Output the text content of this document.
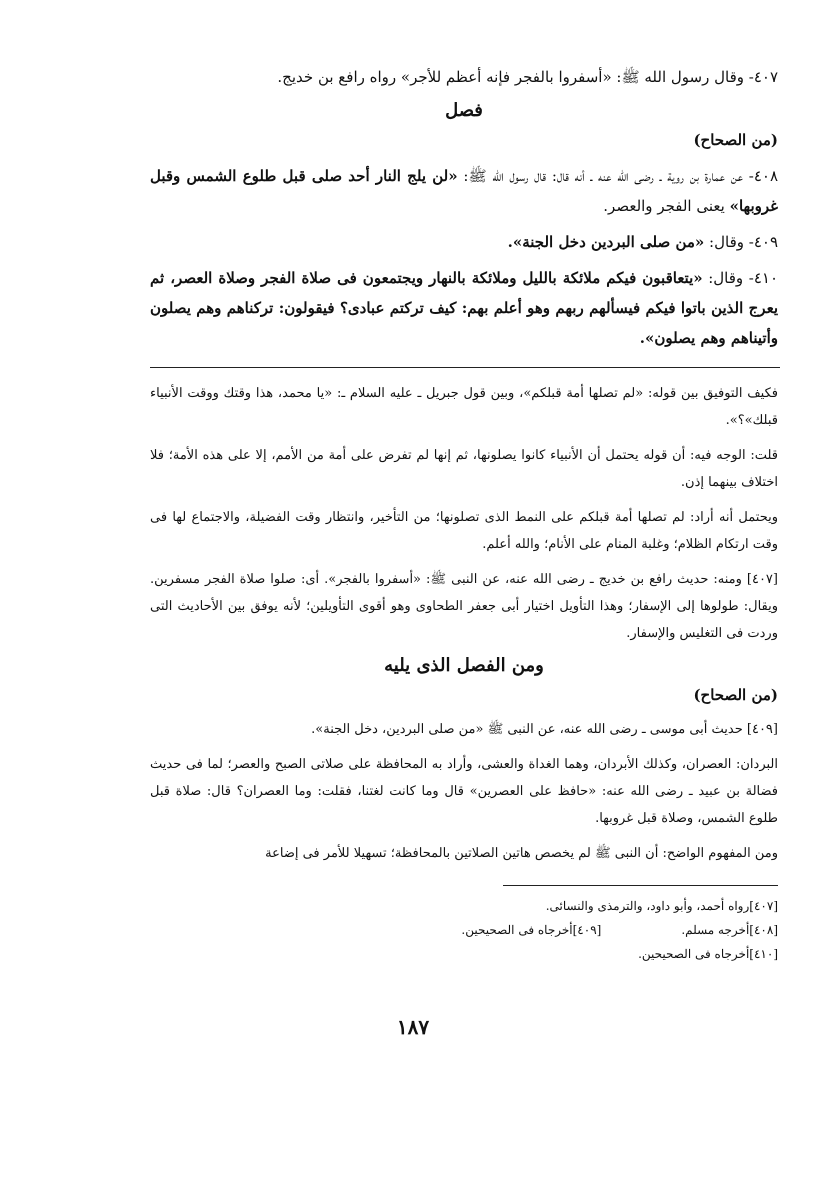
٤٠٧- وقال رسول الله ﷺ: «أسفروا بالفجر فإنه أعظم للأجر» رواه رافع بن خديج.

فصل
(من الصحاح)

٤٠٨- عن عمارة بن روية ـ رضى الله عنه ـ أنه قال: قال رسول الله ﷺ: «لن يلج النار أحد صلى قبل طلوع الشمس وقبل غروبها» يعنى الفجر والعصر.

٤٠٩- وقال: «من صلى البردين دخل الجنة».

٤١٠- وقال: «يتعاقبون فيكم ملائكة بالليل وملائكة بالنهار ويجتمعون فى صلاة الفجر وصلاة العصر، ثم يعرج الذين باتوا فيكم فيسألهم ربهم وهو أعلم بهم: كيف تركتم عبادى؟ فيقولون: تركناهم وهم يصلون وأتيناهم وهم يصلون».

فكيف التوفيق بين قوله: «لم تصلها أمة قبلكم»، وبين قول جبريل ـ عليه السلام ـ: «يا محمد، هذا وقتك ووقت الأنبياء قبلك»؟».

قلت: الوجه فيه: أن قوله يحتمل أن الأنبياء كانوا يصلونها، ثم إنها لم تفرض على أمة من الأمم، إلا على هذه الأمة؛ فلا اختلاف بينهما إذن.

ويحتمل أنه أراد: لم تصلها أمة قبلكم على النمط الذى تصلونها؛ من التأخير، وانتظار وقت الفضيلة، والاجتماع لها فى وقت ارتكام الظلام؛ وغلبة المنام على الأنام؛ والله أعلم.

[٤٠٧] ومنه: حديث رافع بن خديج ـ رضى الله عنه، عن النبى ﷺ: «أسفروا بالفجر». أى: صلوا صلاة الفجر مسفرين. ويقال: طولوها إلى الإسفار؛ وهذا التأويل اختيار أبى جعفر الطحاوى وهو أقوى التأويلين؛ لأنه يوفق بين الأحاديث التى وردت فى التغليس والإسفار.

ومن الفصل الذى يليه
(من الصحاح)

[٤٠٩] حديث أبى موسى ـ رضى الله عنه، عن النبى ﷺ «من صلى البردين، دخل الجنة».

البردان: العصران، وكذلك الأبردان، وهما الغداة والعشى، وأراد به المحافظة على صلاتى الصبح والعصر؛ لما فى حديث فضالة بن عبيد ـ رضى الله عنه: «حافظ على العصرين» قال وما كانت لغتنا، فقلت: وما العصران؟ قال: صلاة قبل طلوع الشمس، وصلاة قبل غروبها.

ومن المفهوم الواضح: أن النبى ﷺ لم يخصص هاتين الصلاتين بالمحافظة؛ تسهيلا للأمر فى إضاعة

[٤٠٧]رواه أحمد، وأبو داود، والترمذى والنسائى.

[٤٠٨]أخرجه مسلم.

[٤٠٩]أخرجاه فى الصحيحين.

[٤١٠]أخرجاه فى الصحيحين.

١٨٧
